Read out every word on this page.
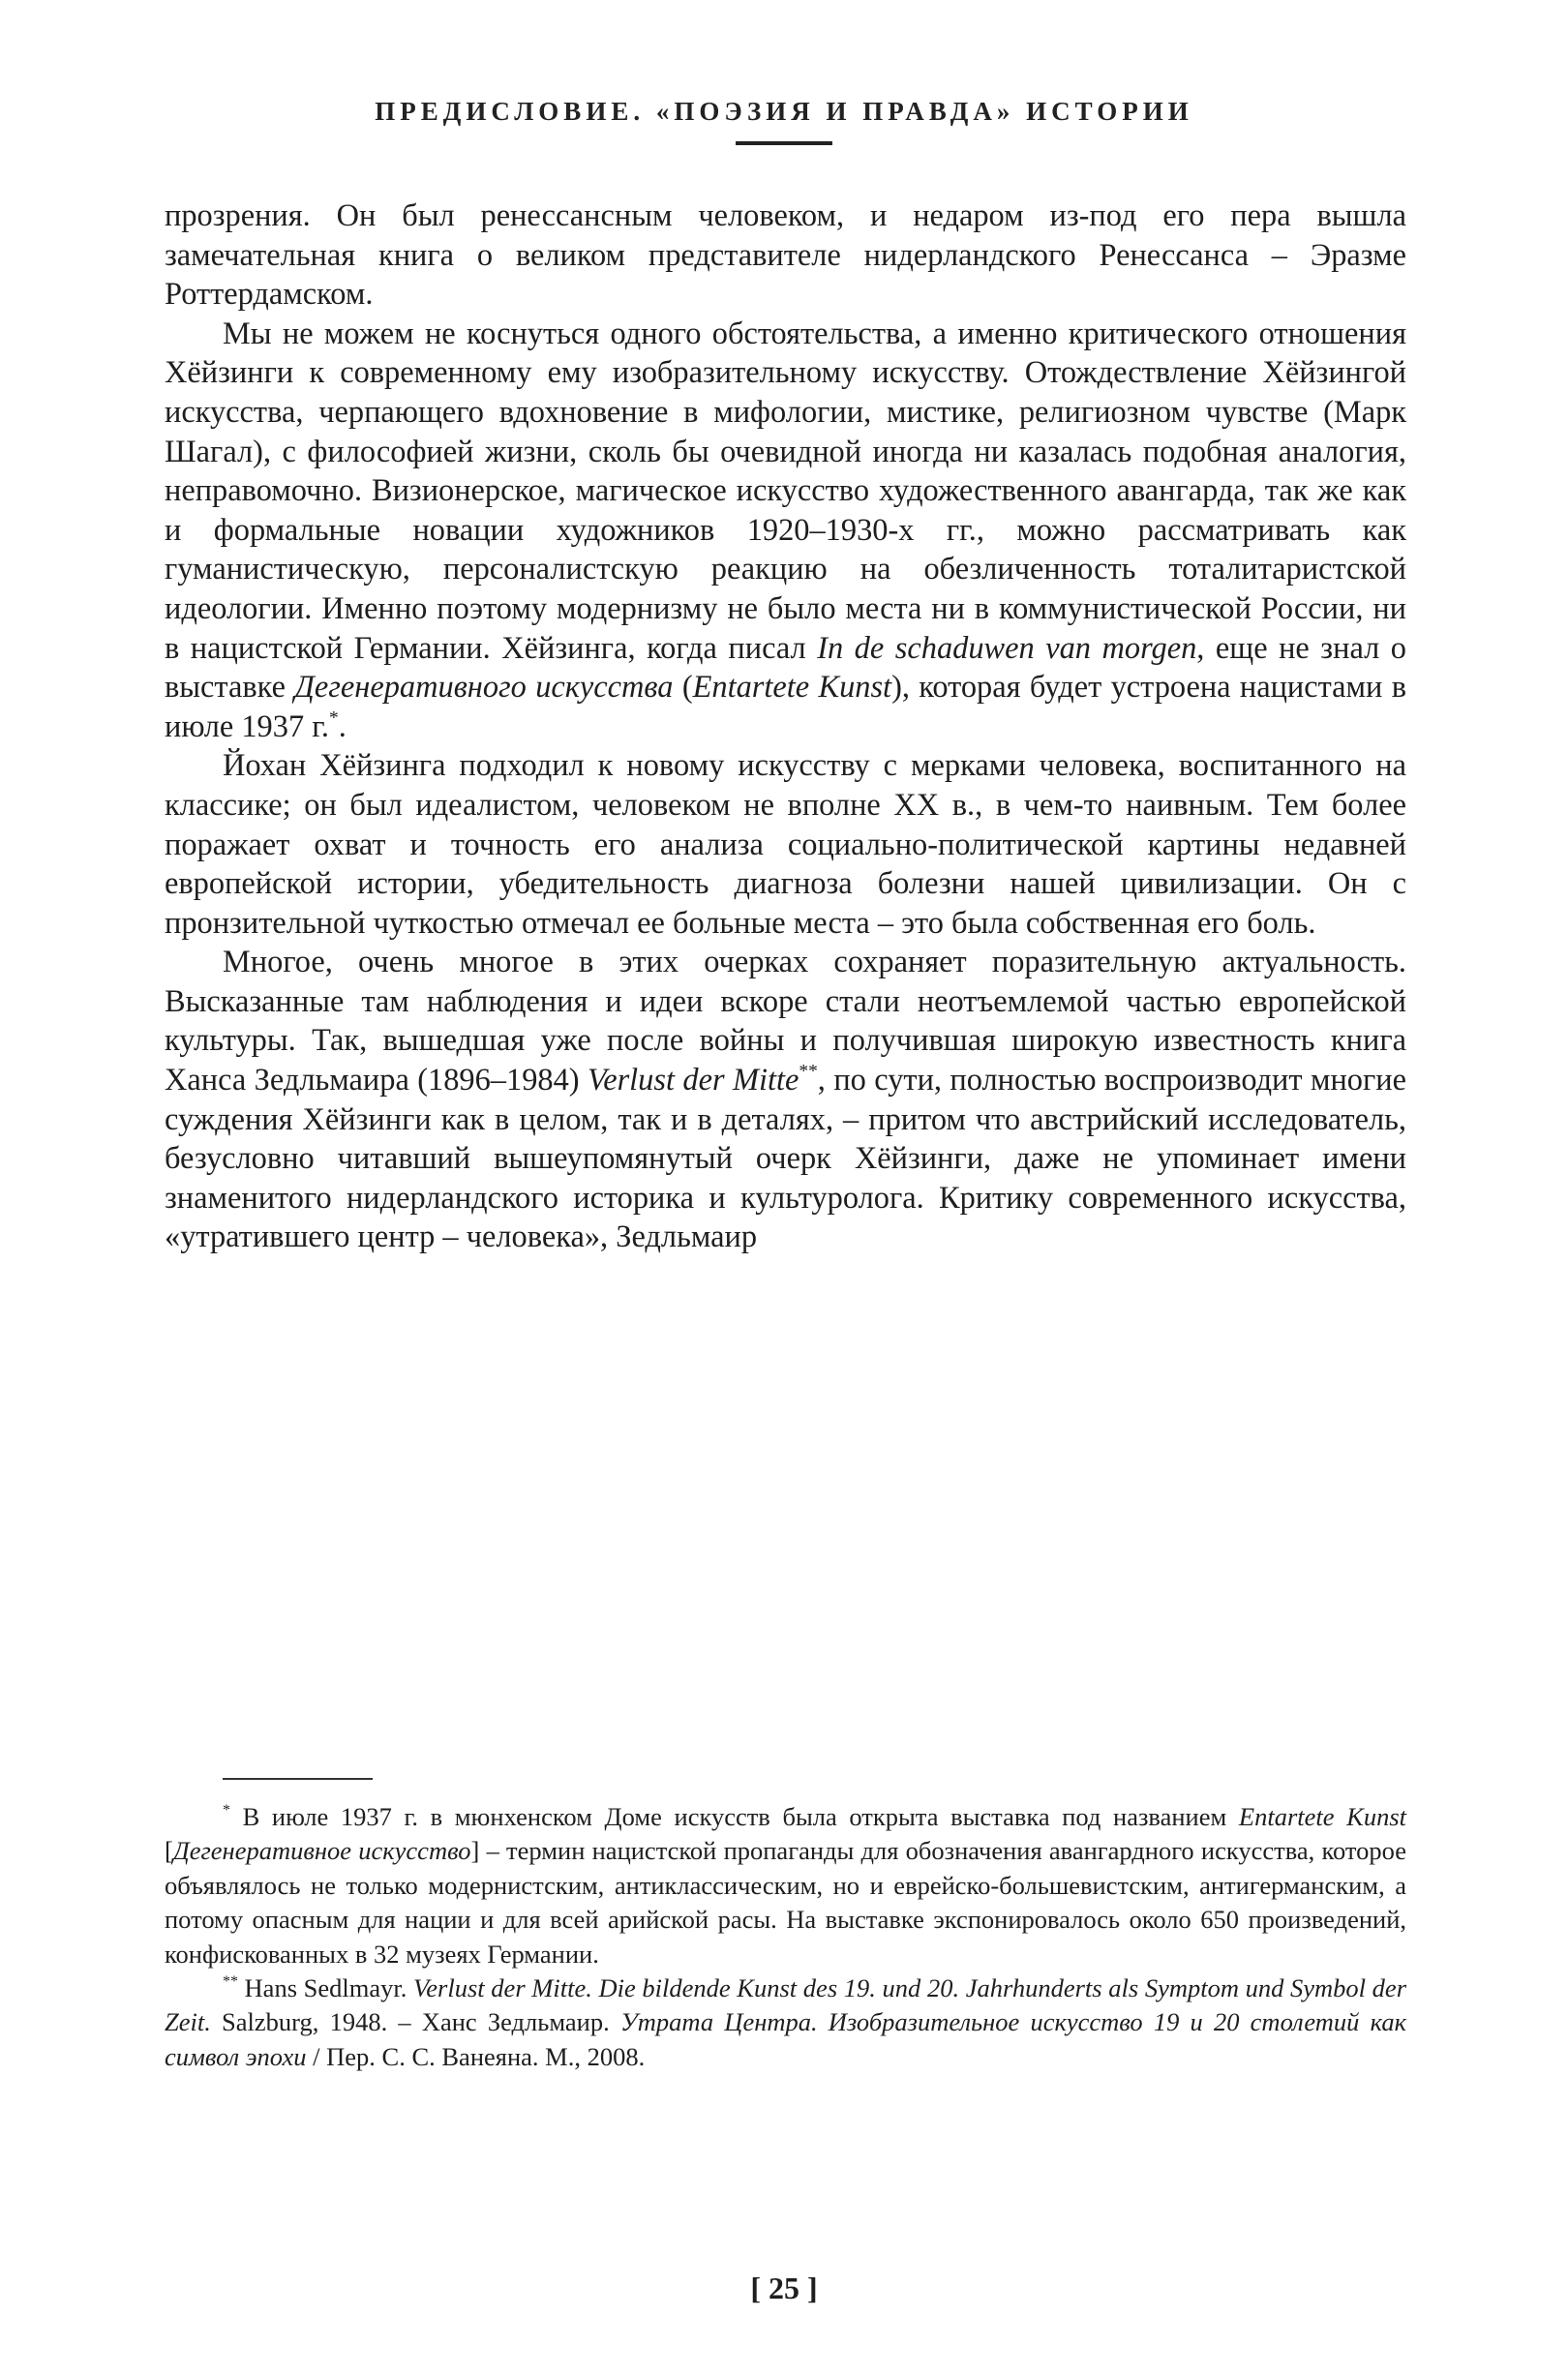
ПРЕДИСЛОВИЕ. «ПОЭЗИЯ И ПРАВДА» ИСТОРИИ

прозрения. Он был ренессансным человеком, и недаром из-под его пера вышла замечательная книга о великом представителе нидерландского Ренессанса – Эразме Роттердамском.

Мы не можем не коснуться одного обстоятельства, а именно критического отношения Хёйзинги к современному ему изобразительному искусству. Отождествление Хёйзингой искусства, черпающего вдохновение в мифологии, мистике, религиозном чувстве (Марк Шагал), с философией жизни, сколь бы очевидной иногда ни казалась подобная аналогия, неправомочно. Визионерское, магическое искусство художественного авангарда, так же как и формальные новации художников 1920–1930-х гг., можно рассматривать как гуманистическую, персоналистскую реакцию на обезличенность тоталитаристской идеологии. Именно поэтому модернизму не было места ни в коммунистической России, ни в нацистской Германии. Хёйзинга, когда писал In de schaduwen van morgen, еще не знал о выставке Дегенеративного искусства (Entartete Kunst), которая будет устроена нацистами в июле 1937 г.*.

Йохан Хёйзинга подходил к новому искусству с мерками человека, воспитанного на классике; он был идеалистом, человеком не вполне XX в., в чем-то наивным. Тем более поражает охват и точность его анализа социально-политической картины недавней европейской истории, убедительность диагноза болезни нашей цивилизации. Он с пронзительной чуткостью отмечал ее больные места – это была собственная его боль.

Многое, очень многое в этих очерках сохраняет поразительную актуальность. Высказанные там наблюдения и идеи вскоре стали неотъемлемой частью европейской культуры. Так, вышедшая уже после войны и получившая широкую известность книга Ханса Зедльмаира (1896–1984) Verlust der Mitte**, по сути, полностью воспроизводит многие суждения Хёйзинги как в целом, так и в деталях, – притом что австрийский исследователь, безусловно читавший вышеупомянутый очерк Хёйзинги, даже не упоминает имени знаменитого нидерландского историка и культуролога. Критику современного искусства, «утратившего центр – человека», Зедльмаир

* В июле 1937 г. в мюнхенском Доме искусств была открыта выставка под названием Entartete Kunst [Дегенеративное искусство] – термин нацистской пропаганды для обозначения авангардного искусства, которое объявлялось не только модернистским, антиклассическим, но и еврейско-большевистским, антигерманским, а потому опасным для нации и для всей арийской расы. На выставке экспонировалось около 650 произведений, конфискованных в 32 музеях Германии.

** Hans Sedlmayr. Verlust der Mitte. Die bildende Kunst des 19. und 20. Jahrhunderts als Symptom und Symbol der Zeit. Salzburg, 1948. – Ханс Зедльмаир. Утрата Центра. Изобразительное искусство 19 и 20 столетий как символ эпохи / Пер. С. С. Ванеяна. М., 2008.

[ 25 ]
